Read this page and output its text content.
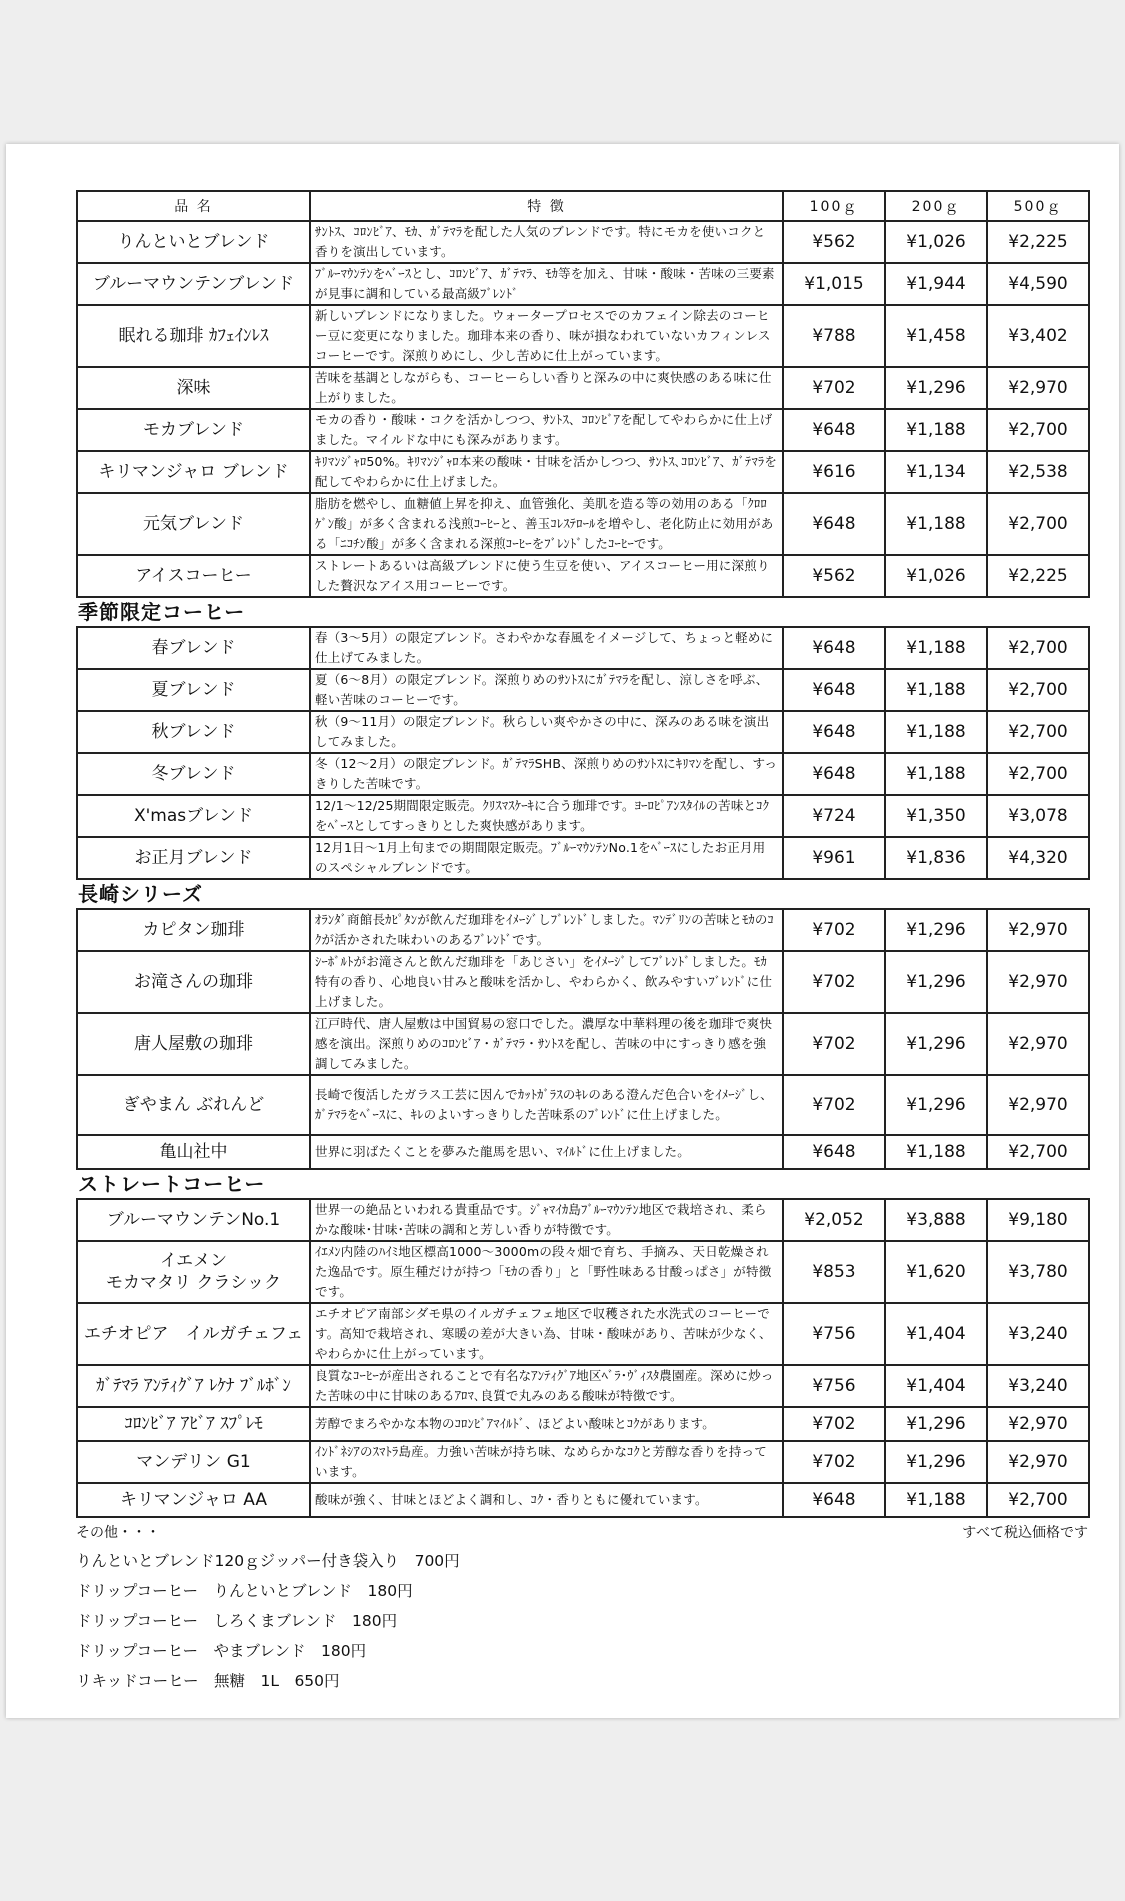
品 名	特 徴	100ｇ	200ｇ	500ｇ
りんといとブレンド	ｻﾝﾄｽ、ｺﾛﾝﾋﾞｱ、ﾓｶ、ｶﾞﾃﾏﾗを配した人気のブレンドです。特にモカを使いコクと香りを演出しています。	¥562	¥1,026	¥2,225
ブルーマウンテンブレンド	ﾌﾞﾙｰﾏｳﾝﾃﾝをﾍﾞｰｽとし、ｺﾛﾝﾋﾞｱ、ｶﾞﾃﾏﾗ、ﾓｶ等を加え、甘味・酸味・苦味の三要素が見事に調和している最高級ﾌﾞﾚﾝﾄﾞ	¥1,015	¥1,944	¥4,590
眠れる珈琲 ｶﾌｪｲﾝﾚｽ	新しいブレンドになりました。ウォータープロセスでのカフェイン除去のコーヒー豆に変更になりました。珈琲本来の香り、味が損なわれていないカフィンレスコーヒーです。深煎りめにし、少し苦めに仕上がっています。	¥788	¥1,458	¥3,402
深味	苦味を基調としながらも、コーヒーらしい香りと深みの中に爽快感のある味に仕上がりました。	¥702	¥1,296	¥2,970
モカブレンド	モカの香り・酸味・コクを活かしつつ、ｻﾝﾄｽ、ｺﾛﾝﾋﾞｱを配してやわらかに仕上げました。マイルドな中にも深みがあります。	¥648	¥1,188	¥2,700
キリマンジャロ ブレンド	ｷﾘﾏﾝｼﾞｬﾛ50%。ｷﾘﾏﾝｼﾞｬﾛ本来の酸味・甘味を活かしつつ、ｻﾝﾄｽ､ｺﾛﾝﾋﾞｱ、ｶﾞﾃﾏﾗを配してやわらかに仕上げました。	¥616	¥1,134	¥2,538
元気ブレンド	脂肪を燃やし、血糖値上昇を抑え、血管強化、美肌を造る等の効用のある「ｸﾛﾛｹﾞﾝ酸」が多く含まれる浅煎ｺｰﾋｰと、善玉ｺﾚｽﾃﾛｰﾙを増やし、老化防止に効用がある「ﾆｺﾁﾝ酸」が多く含まれる深煎ｺｰﾋｰをﾌﾞﾚﾝﾄﾞしたｺｰﾋｰです。	¥648	¥1,188	¥2,700
アイスコーヒー	ストレートあるいは高級ブレンドに使う生豆を使い、アイスコーヒー用に深煎りした贅沢なアイス用コーヒーです。	¥562	¥1,026	¥2,225
季節限定コーヒー
春ブレンド	春（3～5月）の限定ブレンド。さわやかな春風をイメージして、ちょっと軽めに仕上げてみました。	¥648	¥1,188	¥2,700
夏ブレンド	夏（6～8月）の限定ブレンド。深煎りめのｻﾝﾄｽにｶﾞﾃﾏﾗを配し、涼しさを呼ぶ、軽い苦味のコーヒーです。	¥648	¥1,188	¥2,700
秋ブレンド	秋（9～11月）の限定ブレンド。秋らしい爽やかさの中に、深みのある味を演出してみました。	¥648	¥1,188	¥2,700
冬ブレンド	冬（12～2月）の限定ブレンド。ｶﾞﾃﾏﾗSHB、深煎りめのｻﾝﾄｽにｷﾘﾏﾝを配し、すっきりした苦味です。	¥648	¥1,188	¥2,700
X'masブレンド	12/1～12/25期間限定販売。ｸﾘｽﾏｽｹｰｷに合う珈琲です。ﾖｰﾛﾋﾟｱﾝｽﾀｲﾙの苦味とｺｸをﾍﾞｰｽとしてすっきりとした爽快感があります。	¥724	¥1,350	¥3,078
お正月ブレンド	12月1日～1月上旬までの期間限定販売。ﾌﾞﾙｰﾏｳﾝﾃﾝNo.1をﾍﾞｰｽにしたお正月用のスペシャルブレンドです。	¥961	¥1,836	¥4,320
長崎シリーズ
カピタン珈琲	ｵﾗﾝﾀﾞ商館長ｶﾋﾟﾀﾝが飲んだ珈琲をｲﾒｰｼﾞしﾌﾞﾚﾝﾄﾞしました。ﾏﾝﾃﾞﾘﾝの苦味とﾓｶのｺｸが活かされた味わいのあるﾌﾞﾚﾝﾄﾞです。	¥702	¥1,296	¥2,970
お滝さんの珈琲	ｼｰﾎﾞﾙﾄがお滝さんと飲んだ珈琲を「あじさい」をｲﾒｰｼﾞしてﾌﾞﾚﾝﾄﾞしました。ﾓｶ特有の香り、心地良い甘みと酸味を活かし、やわらかく、飲みやすいﾌﾞﾚﾝﾄﾞに仕上げました。	¥702	¥1,296	¥2,970
唐人屋敷の珈琲	江戸時代、唐人屋敷は中国貿易の窓口でした。濃厚な中華料理の後を珈琲で爽快感を演出。深煎りめのｺﾛﾝﾋﾞｱ・ｶﾞﾃﾏﾗ・ｻﾝﾄｽを配し、苦味の中にすっきり感を強調してみました。	¥702	¥1,296	¥2,970
ぎやまん ぶれんど	長崎で復活したガラス工芸に因んでｶｯﾄｶﾞﾗｽのｷﾚのある澄んだ色合いをｲﾒｰｼﾞし、ｶﾞﾃﾏﾗをﾍﾞｰｽに、ｷﾚのよいすっきりした苦味系のﾌﾞﾚﾝﾄﾞに仕上げました。	¥702	¥1,296	¥2,970
亀山社中	世界に羽ばたくことを夢みた龍馬を思い、ﾏｲﾙﾄﾞに仕上げました。	¥648	¥1,188	¥2,700
ストレートコーヒー
ブルーマウンテンNo.1	世界一の絶品といわれる貴重品です。ｼﾞｬﾏｲｶ島ﾌﾞﾙｰﾏｳﾝﾃﾝ地区で栽培され、柔らかな酸味･甘味･苦味の調和と芳しい香りが特徴です。	¥2,052	¥3,888	¥9,180
イエメン
モカマタリ クラシック	ｲｴﾒﾝ内陸のﾊｲﾐ地区標高1000～3000mの段々畑で育ち、手摘み、天日乾燥された逸品です。原生種だけが持つ「ﾓｶの香り」と「野性味ある甘酸っぱさ」が特徴です。	¥853	¥1,620	¥3,780
エチオピア　イルガチェフェ	エチオピア南部シダモ県のイルガチェフェ地区で収穫された水洗式のコーヒーです。高知で栽培され、寒暖の差が大きい為、甘味・酸味があり、苦味が少なく、やわらかに仕上がっています。	¥756	¥1,404	¥3,240
ｶﾞﾃﾏﾗ ｱﾝﾃｨｸﾞｱ ﾚｹﾅ ﾌﾞﾙﾎﾞﾝ	良質なｺｰﾋｰが産出されることで有名なｱﾝﾃｨｸﾞｱ地区ﾍﾞﾗ･ｳﾞｨｽﾀ農園産。深めに炒った苦味の中に甘味のあるｱﾛﾏ､良質で丸みのある酸味が特徴です。	¥756	¥1,404	¥3,240
ｺﾛﾝﾋﾞｱ ｱﾋﾞｱ ｽﾌﾟﾚﾓ	芳醇でまろやかな本物のｺﾛﾝﾋﾞｱﾏｲﾙﾄﾞ、ほどよい酸味とｺｸがあります。	¥702	¥1,296	¥2,970
マンデリン G1	ｲﾝﾄﾞﾈｼｱのｽﾏﾄﾗ島産。力強い苦味が持ち味、なめらかなｺｸと芳醇な香りを持っています。	¥702	¥1,296	¥2,970
キリマンジャロ AA	酸味が強く、甘味とほどよく調和し、ｺｸ・香りともに優れています。	¥648	¥1,188	¥2,700
その他・・・	すべて税込価格です
りんといとブレンド120ｇジッパー付き袋入り　700円
ドリップコーヒー　りんといとブレンド　180円
ドリップコーヒー　しろくまブレンド　180円
ドリップコーヒー　やまブレンド　180円
リキッドコーヒー　無糖　1L　650円
